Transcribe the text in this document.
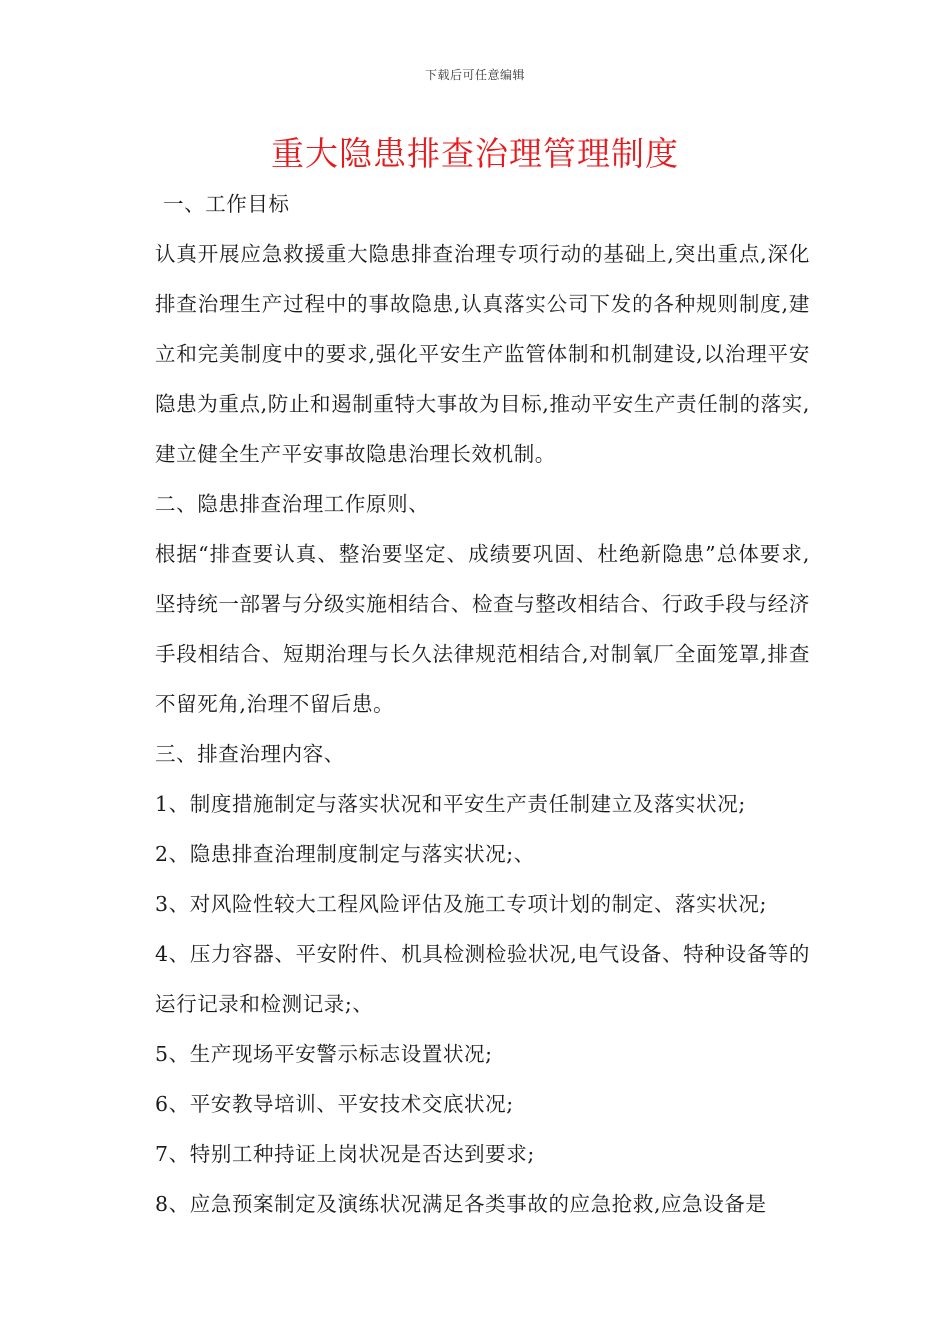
下载后可任意编辑
重大隐患排查治理管理制度

一、工作目标

认真开展应急救援重大隐患排查治理专项行动的基础上,突出重点,深化排查治理生产过程中的事故隐患,认真落实公司下发的各种规则制度,建立和完美制度中的要求,强化平安生产监管体制和机制建设,以治理平安隐患为重点,防止和遏制重特大事故为目标,推动平安生产责任制的落实,建立健全生产平安事故隐患治理长效机制。

二、隐患排查治理工作原则、

根据“排查要认真、整治要坚定、成绩要巩固、杜绝新隐患”总体要求,坚持统一部署与分级实施相结合、检查与整改相结合、行政手段与经济手段相结合、短期治理与长久法律规范相结合,对制氧厂全面笼罩,排查不留死角,治理不留后患。

三、排查治理内容、

1、制度措施制定与落实状况和平安生产责任制建立及落实状况;

2、隐患排查治理制度制定与落实状况;、

3、对风险性较大工程风险评估及施工专项计划的制定、落实状况;

4、压力容器、平安附件、机具检测检验状况,电气设备、特种设备等的运行记录和检测记录;、

5、生产现场平安警示标志设置状况;

6、平安教导培训、平安技术交底状况;

7、特别工种持证上岗状况是否达到要求;

8、应急预案制定及演练状况满足各类事故的应急抢救,应急设备是
